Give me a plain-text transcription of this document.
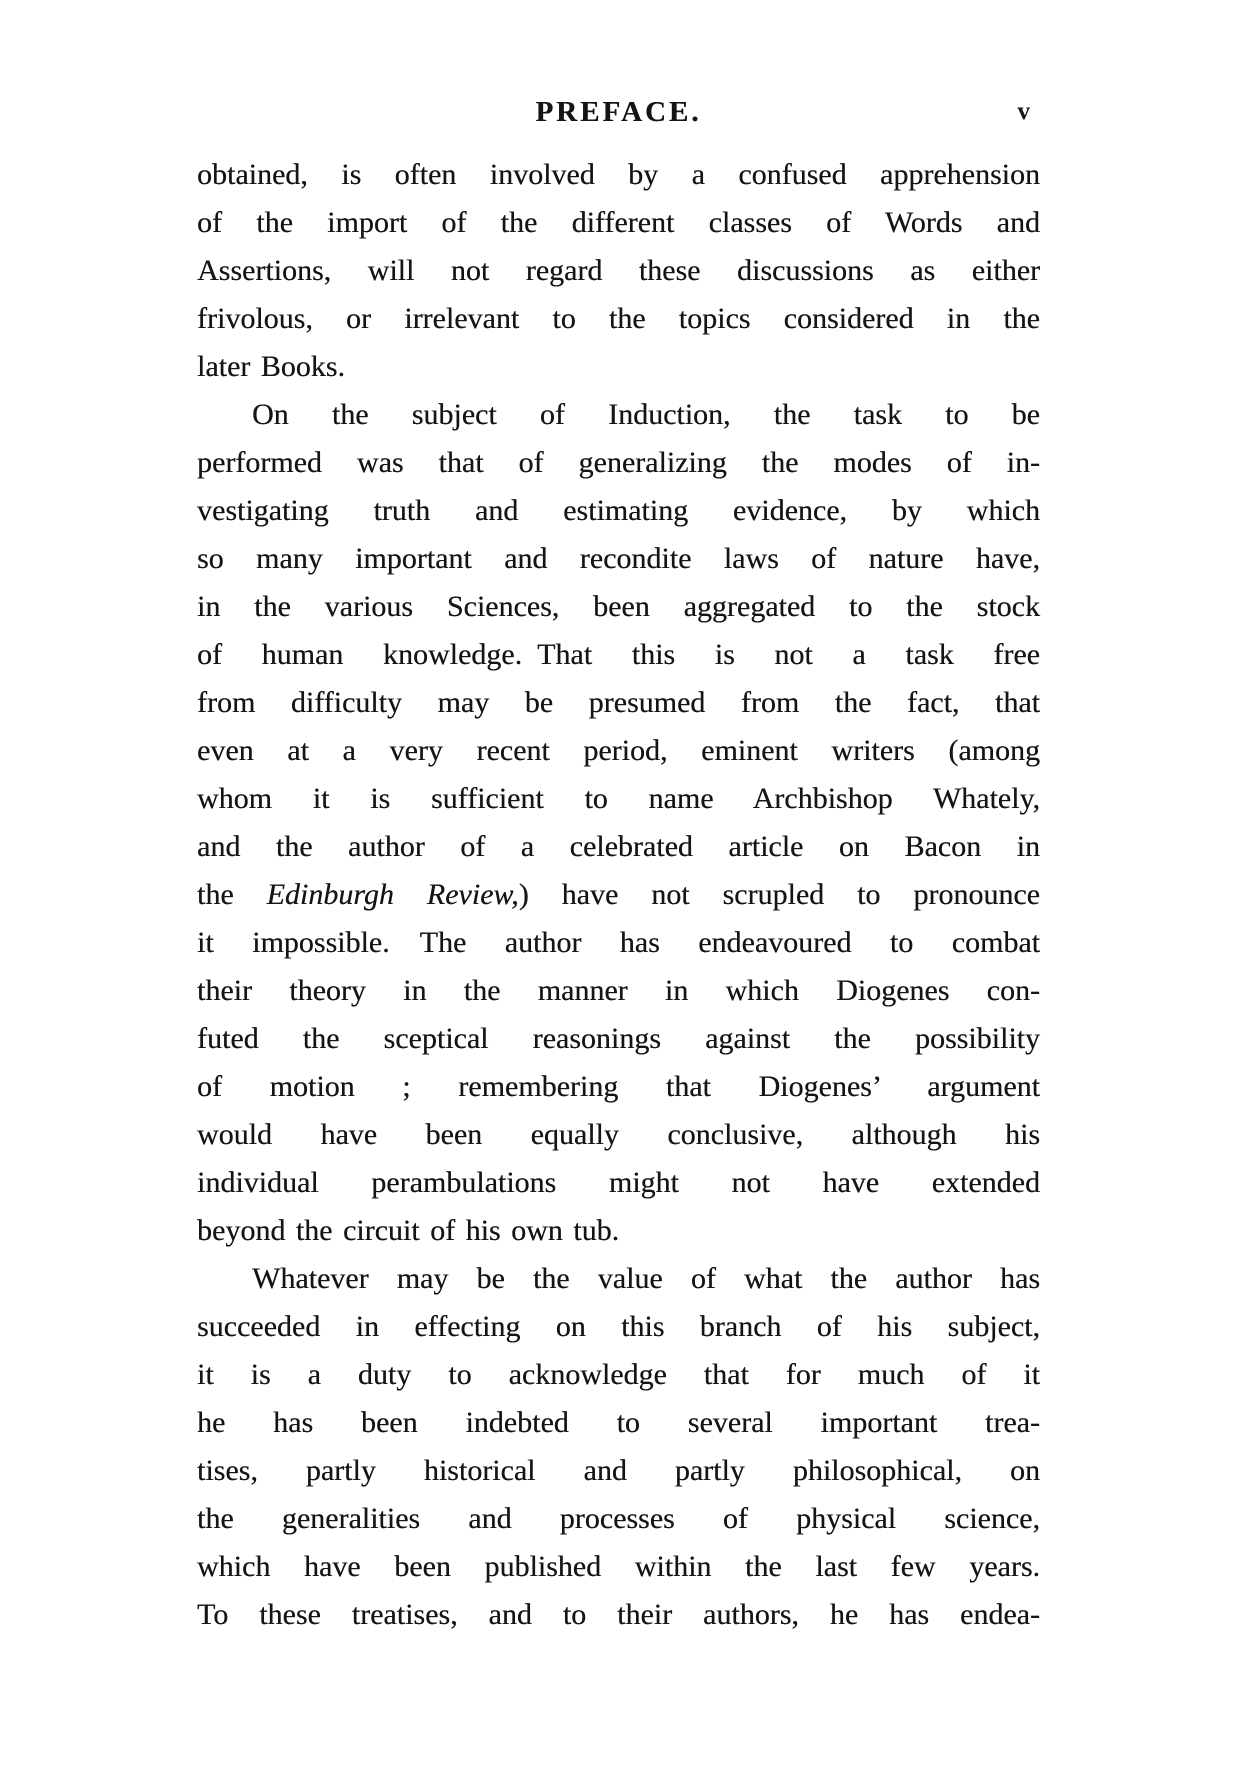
PREFACE.	v
obtained, is often involved by a confused apprehension
of the import of the different classes of Words and
Assertions, will not regard these discussions as either
frivolous, or irrelevant to the topics considered in the
later Books.
On the subject of Induction, the task to be
performed was that of generalizing the modes of in-
vestigating truth and estimating evidence, by which
so many important and recondite laws of nature have,
in the various Sciences, been aggregated to the stock
of human knowledge. That this is not a task free
from difficulty may be presumed from the fact, that
even at a very recent period, eminent writers (among
whom it is sufficient to name Archbishop Whately,
and the author of a celebrated article on Bacon in
the Edinburgh Review,) have not scrupled to pronounce
it impossible. The author has endeavoured to combat
their theory in the manner in which Diogenes con-
futed the sceptical reasonings against the possibility
of motion ; remembering that Diogenes’ argument
would have been equally conclusive, although his
individual perambulations might not have extended
beyond the circuit of his own tub.
Whatever may be the value of what the author has
succeeded in effecting on this branch of his subject,
it is a duty to acknowledge that for much of it
he has been indebted to several important trea-
tises, partly historical and partly philosophical, on
the generalities and processes of physical science,
which have been published within the last few years.
To these treatises, and to their authors, he has endea-
